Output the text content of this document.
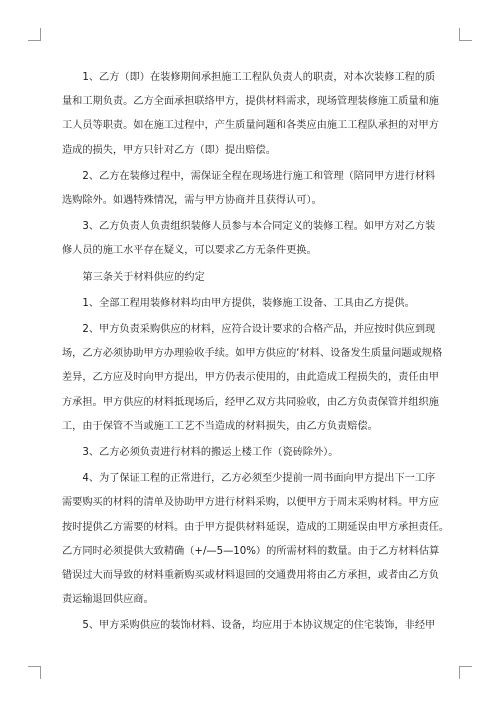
1、乙方（即）在装修期间承担施工工程队负责人的职责，对本次装修工程的质
量和工期负责。乙方全面承担联络甲方，提供材料需求，现场管理装修施工质量和施
工人员等职责。如在施工过程中，产生质量问题和各类应由施工工程队承担的对甲方
造成的损失，甲方只针对乙方（即）提出赔偿。

2、乙方在装修过程中，需保证全程在现场进行施工和管理（陪同甲方进行材料
选购除外。如遇特殊情况，需与甲方协商并且获得认可）。

3、乙方负责人负责组织装修人员参与本合同定义的装修工程。如甲方对乙方装
修人员的施工水平存在疑义，可以要求乙方无条件更换。

第三条关于材料供应的约定

1、全部工程用装修材料均由甲方提供，装修施工设备、工具由乙方提供。

2、甲方负责采购供应的材料，应符合设计要求的合格产品，并应按时供应到现
场，乙方必须协助甲方办理验收手续。如甲方供应的‘材料、设备发生质量问题或规格
差异，乙方应及时向甲方提出，甲方仍表示使用的，由此造成工程损失的，责任由甲
方承担。甲方供应的材料抵现场后，经甲乙双方共同验收，由乙方负责保管并组织施
工，由于保管不当或施工工艺不当造成的材料损失，由乙方负责赔偿。

3、乙方必须负责进行材料的搬运上楼工作（瓷砖除外）。

4、为了保证工程的正常进行，乙方必须至少提前一周书面向甲方提出下一工序
需要购买的材料的清单及协助甲方进行材料采购，以便甲方于周末采购材料。甲方应
按时提供乙方需要的材料。由于甲方提供材料延误，造成的工期延误由甲方承担责任。
乙方同时必须提供大致精确（+/—5—10%）的所需材料的数量。由于乙方材料估算
错误过大而导致的材料重新购买或材料退回的交通费用将由乙方承担，或者由乙方负
责运输退回供应商。

5、甲方采购供应的装饰材料、设备，均应用于本协议规定的住宅装饰，非经甲
